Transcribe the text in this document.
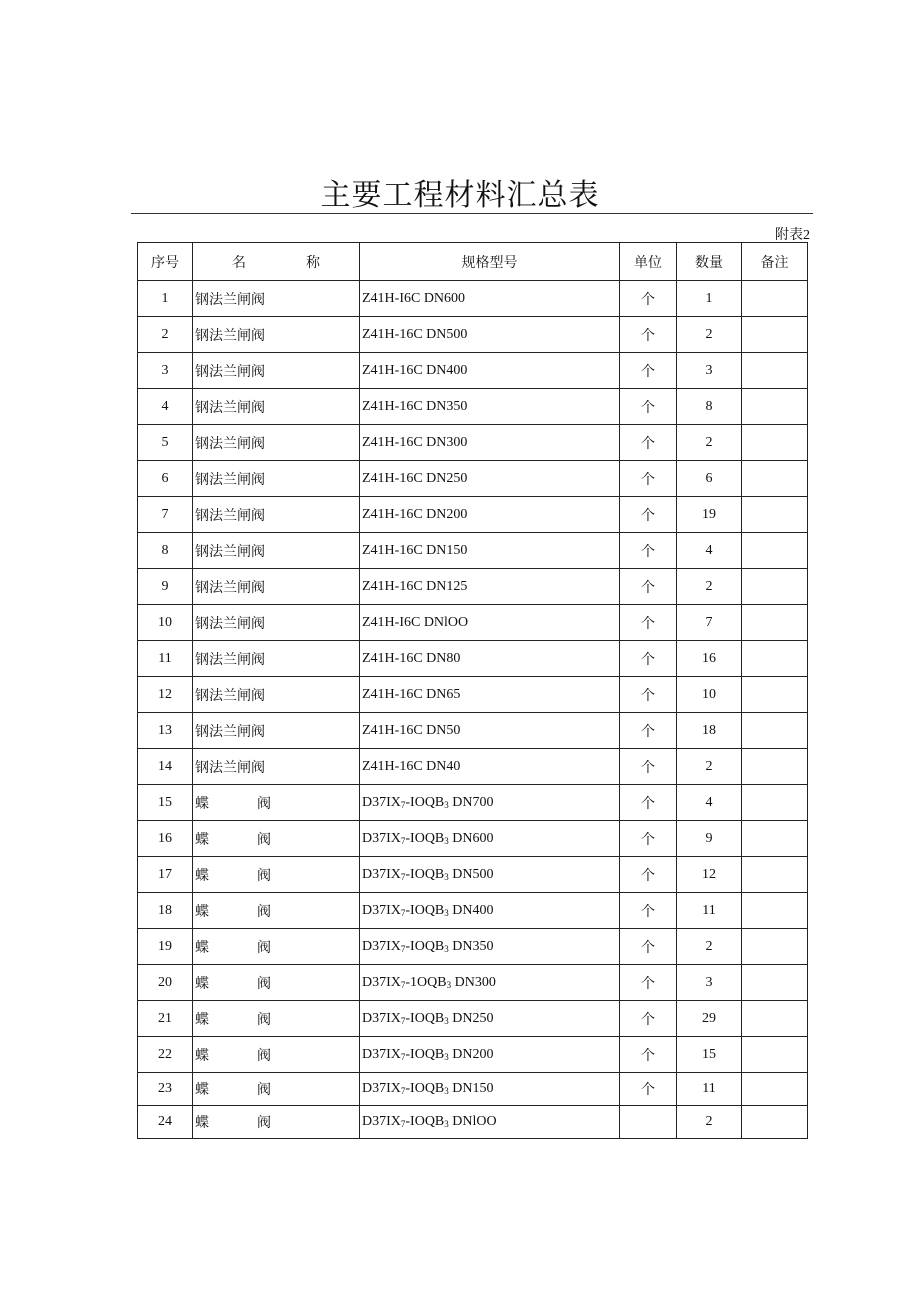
主要工程材料汇总表
附表2
序号	名 称	规格型号	单位	数量	备注
1	钢法兰闸阀	Z41H-I6C DN600	个	1	
2	钢法兰闸阀	Z41H-16C DN500	个	2	
3	钢法兰闸阀	Z41H-16C DN400	个	3	
4	钢法兰闸阀	Z41H-16C DN350	个	8	
5	钢法兰闸阀	Z41H-16C DN300	个	2	
6	钢法兰闸阀	Z41H-16C DN250	个	6	
7	钢法兰闸阀	Z41H-16C DN200	个	19	
8	钢法兰闸阀	Z41H-16C DN150	个	4	
9	钢法兰闸阀	Z41H-16C DN125	个	2	
10	钢法兰闸阀	Z41H-I6C DNlOO	个	7	
11	钢法兰闸阀	Z41H-16C DN80	个	16	
12	钢法兰闸阀	Z41H-16C DN65	个	10	
13	钢法兰闸阀	Z41H-16C DN50	个	18	
14	钢法兰闸阀	Z41H-16C DN40	个	2	
15	蝶 阀	$D37IX_7-IOQB_3$ DN700	个	4	
16	蝶 阀	$D37IX_7-IOQB_3$ DN600	个	9	
17	蝶 阀	$D37IX_7-IOQB_3$ DN500	个	12	
18	蝶 阀	$D37IX_7-IOQB_3$ DN400	个	11	
19	蝶 阀	$D37IX_7-IOQB_3$ DN350	个	2	
20	蝶 阀	$D37IX_7-1OQB_3$ DN300	个	3	
21	蝶 阀	$D37IX_7-IOQB_3$ DN250	个	29	
22	蝶 阀	$D37IX_7-IOQB_3$ DN200	个	15	
23	蝶 阀	$D37IX_7-IOQB_3$ DN150	个	11	
24	蝶 阀	$D37IX_7-IOQB_3$ DNlOO		2	
